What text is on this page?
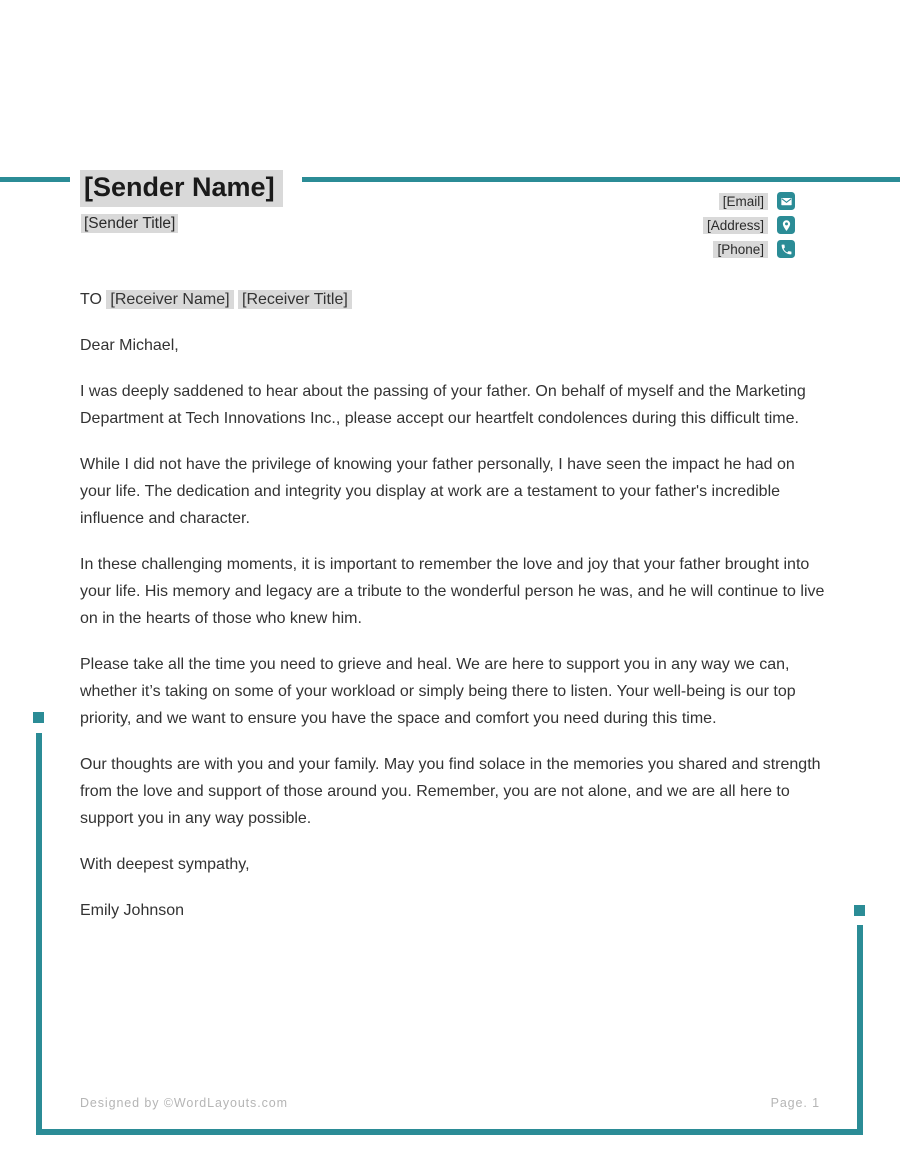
[Sender Name]
[Sender Title]
[Email]
[Address]
[Phone]

TO [Receiver Name] [Receiver Title]

Dear Michael,

I was deeply saddened to hear about the passing of your father. On behalf of myself and the Marketing Department at Tech Innovations Inc., please accept our heartfelt condolences during this difficult time.

While I did not have the privilege of knowing your father personally, I have seen the impact he had on your life. The dedication and integrity you display at work are a testament to your father's incredible influence and character.

In these challenging moments, it is important to remember the love and joy that your father brought into your life. His memory and legacy are a tribute to the wonderful person he was, and he will continue to live on in the hearts of those who knew him.

Please take all the time you need to grieve and heal. We are here to support you in any way we can, whether it’s taking on some of your workload or simply being there to listen. Your well-being is our top priority, and we want to ensure you have the space and comfort you need during this time.

Our thoughts are with you and your family. May you find solace in the memories you shared and strength from the love and support of those around you. Remember, you are not alone, and we are all here to support you in any way possible.

With deepest sympathy,

Emily Johnson

Designed by ©WordLayouts.com	Page. 1
